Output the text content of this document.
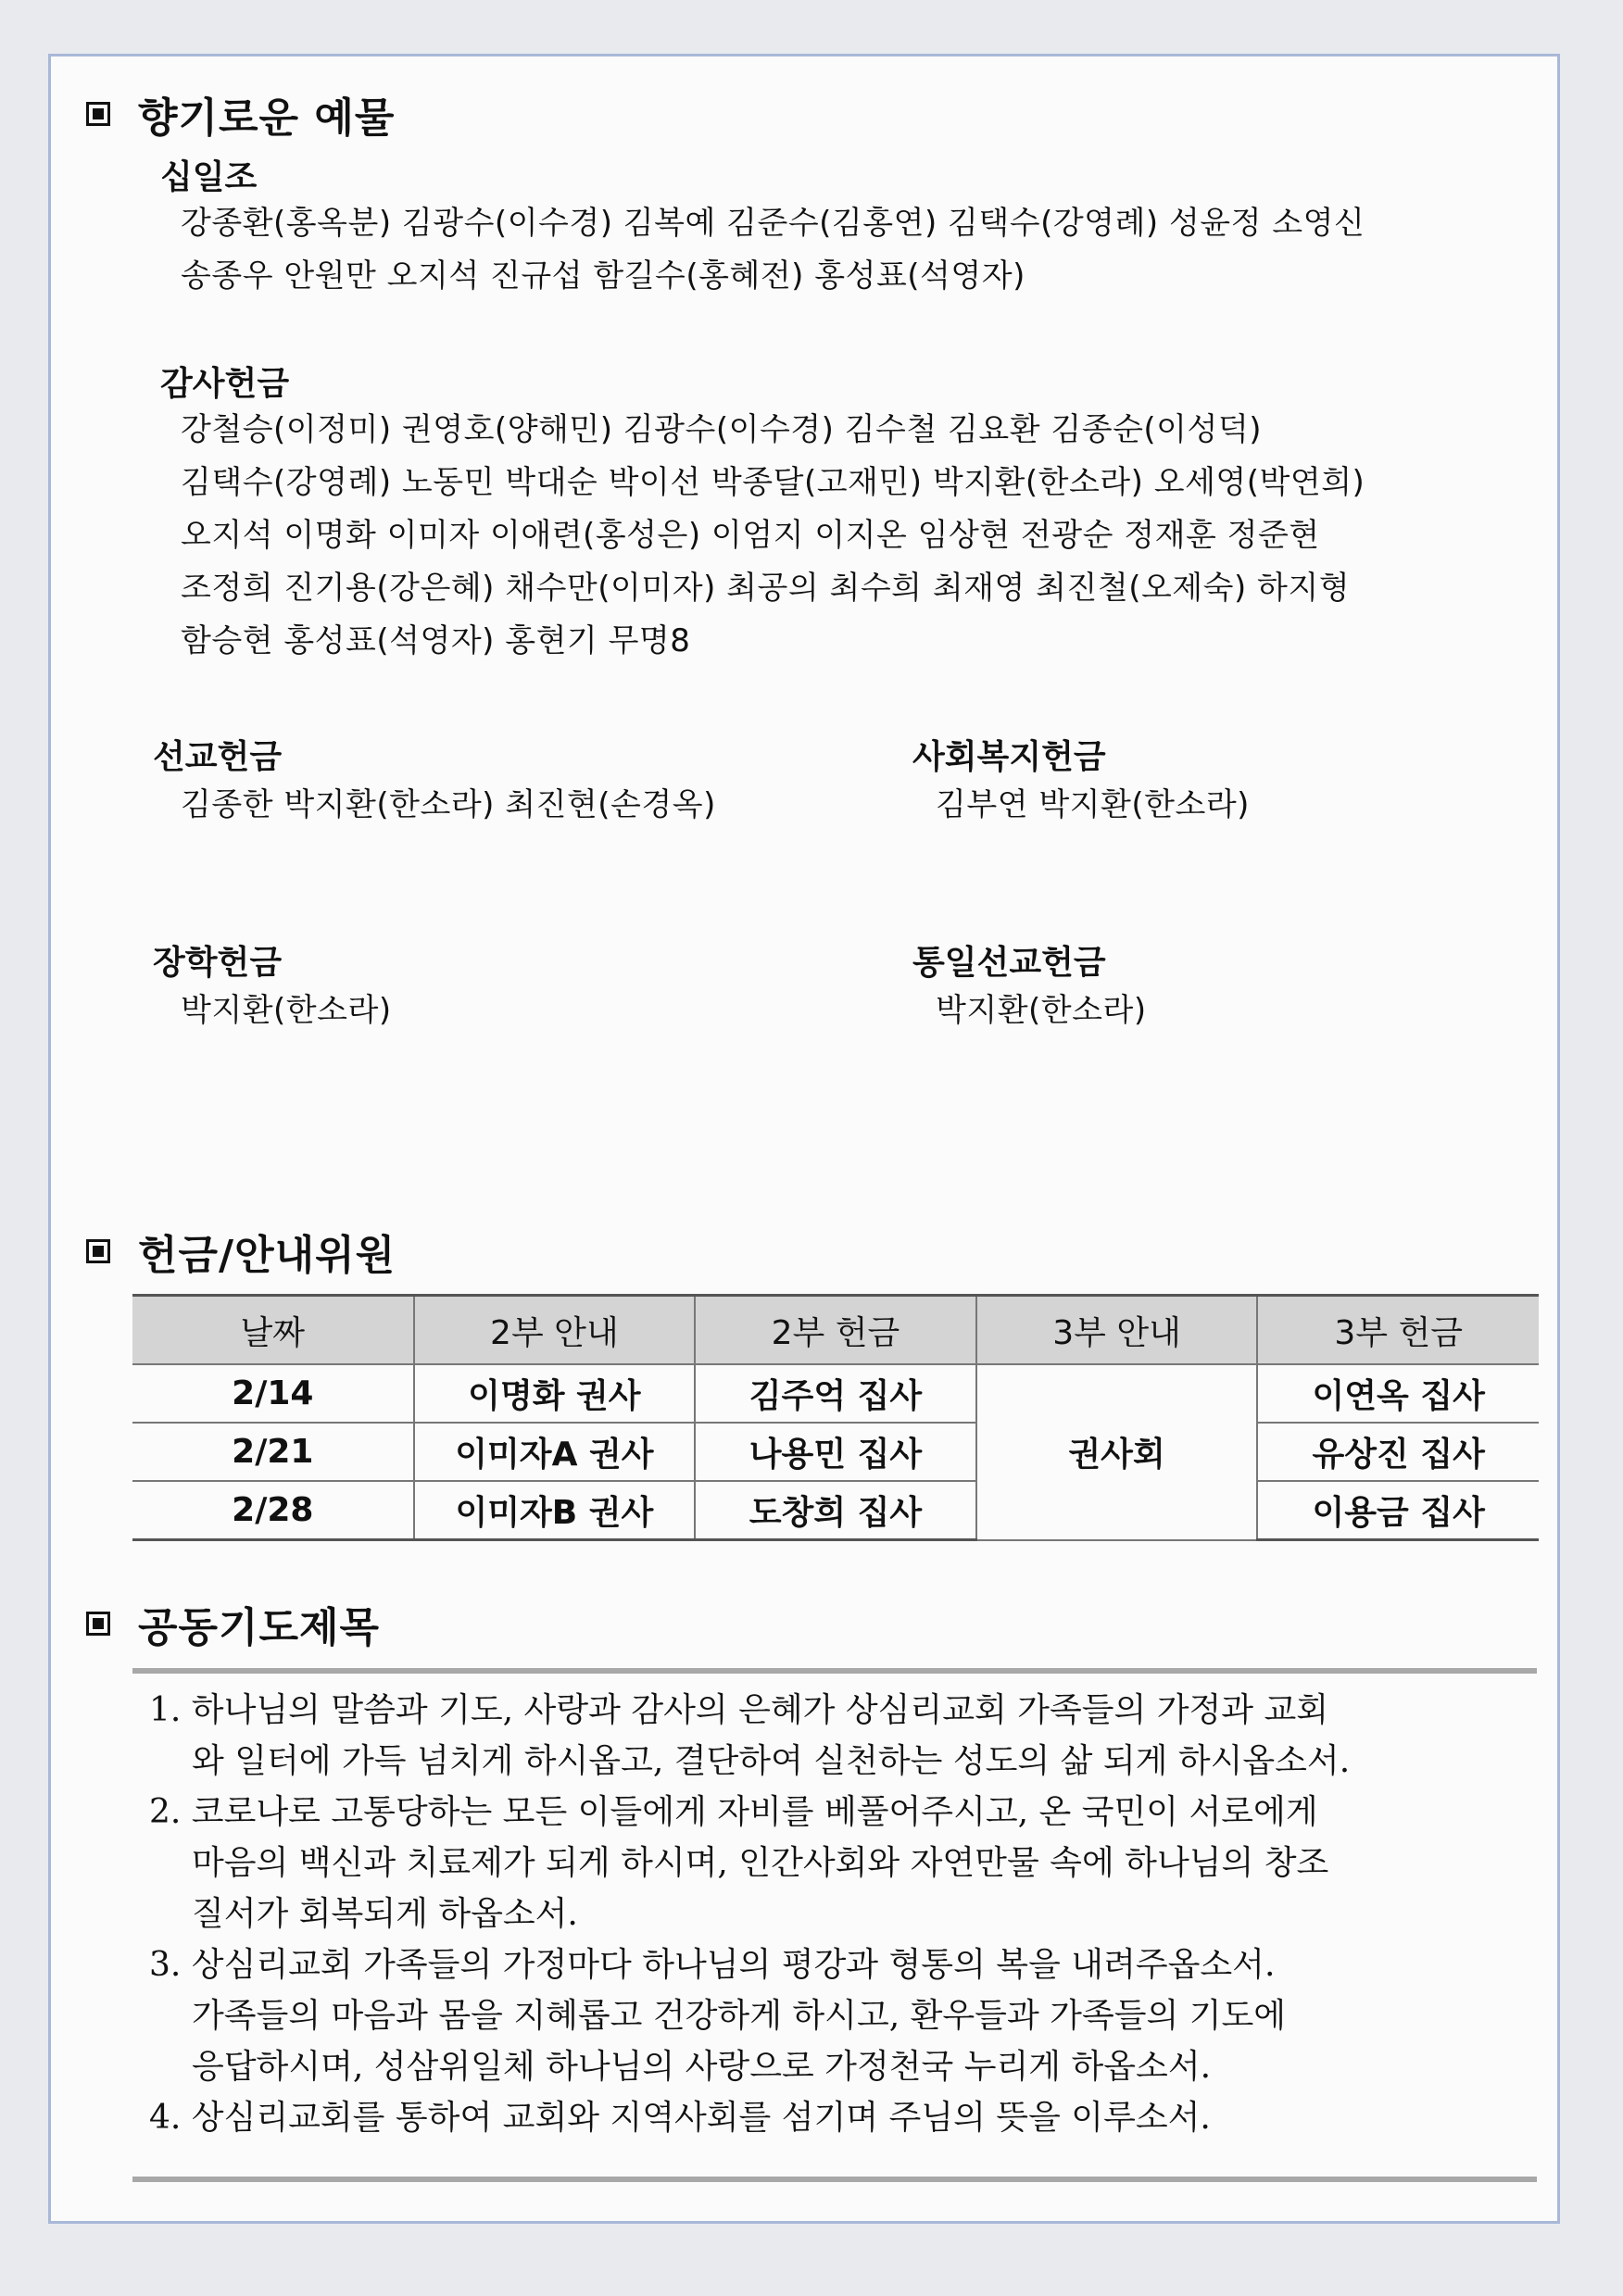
향기로운 예물
십일조
강종환(홍옥분) 김광수(이수경) 김복예 김준수(김홍연) 김택수(강영례) 성윤정 소영신
송종우 안원만 오지석 진규섭 함길수(홍혜전) 홍성표(석영자)
감사헌금
강철승(이정미) 권영호(양해민) 김광수(이수경) 김수철 김요환 김종순(이성덕)
김택수(강영례) 노동민 박대순 박이선 박종달(고재민) 박지환(한소라) 오세영(박연희)
오지석 이명화 이미자 이애련(홍성은) 이엄지 이지온 임상현 전광순 정재훈 정준현
조정희 진기용(강은혜) 채수만(이미자) 최공의 최수희 최재영 최진철(오제숙) 하지형
함승현 홍성표(석영자) 홍현기 무명8
선교헌금
김종한 박지환(한소라) 최진현(손경옥)
사회복지헌금
김부연 박지환(한소라)
장학헌금
박지환(한소라)
통일선교헌금
박지환(한소라)
헌금/안내위원
날짜	2부 안내	2부 헌금	3부 안내	3부 헌금
2/14	이명화 권사	김주억 집사	권사회	이연옥 집사
2/21	이미자A 권사	나용민 집사		유상진 집사
2/28	이미자B 권사	도창희 집사		이용금 집사
공동기도제목
1. 하나님의 말씀과 기도, 사랑과 감사의 은혜가 상심리교회 가족들의 가정과 교회
와 일터에 가득 넘치게 하시옵고, 결단하여 실천하는 성도의 삶 되게 하시옵소서.
2. 코로나로 고통당하는 모든 이들에게 자비를 베풀어주시고, 온 국민이 서로에게
마음의 백신과 치료제가 되게 하시며, 인간사회와 자연만물 속에 하나님의 창조
질서가 회복되게 하옵소서.
3. 상심리교회 가족들의 가정마다 하나님의 평강과 형통의 복을 내려주옵소서.
가족들의 마음과 몸을 지혜롭고 건강하게 하시고, 환우들과 가족들의 기도에
응답하시며, 성삼위일체 하나님의 사랑으로 가정천국 누리게 하옵소서.
4. 상심리교회를 통하여 교회와 지역사회를 섬기며 주님의 뜻을 이루소서.
